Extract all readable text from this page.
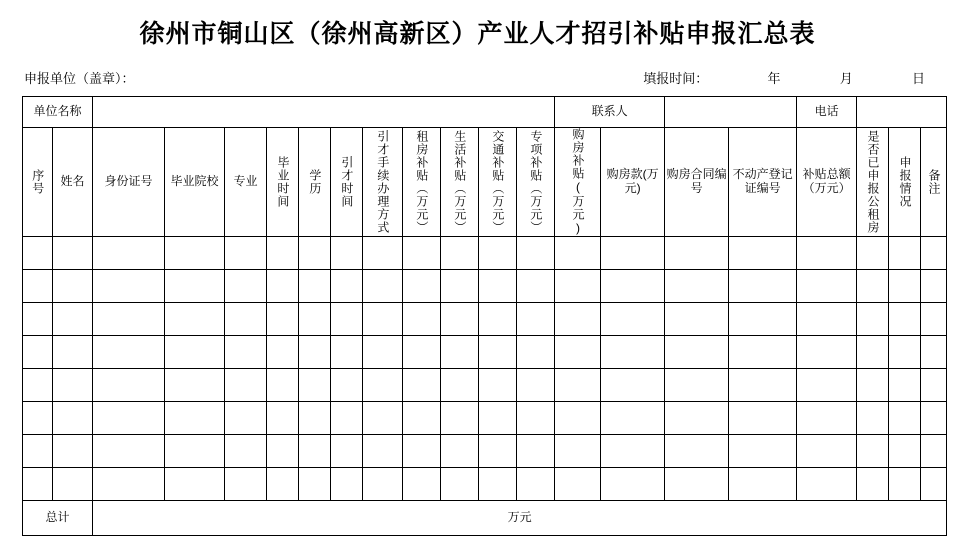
徐州市铜山区（徐州高新区）产业人才招引补贴申报汇总表
申报单位（盖章）：	填报时间：	年	月	日
单位名称													联系人				电话			

序号	姓名	身份证号	毕业院校	专业	毕业时间	学历	引才时间	引才手续办理方式	租房补贴（万元）	生活补贴（万元）	交通补贴（万元）	专项补贴（万元）	购房补贴(万元)	购房款(万元)	购房合同编号	不动产登记证编号	补贴总额（万元）	是否已申报公租房	申报情况	备注

总计		万元																		
